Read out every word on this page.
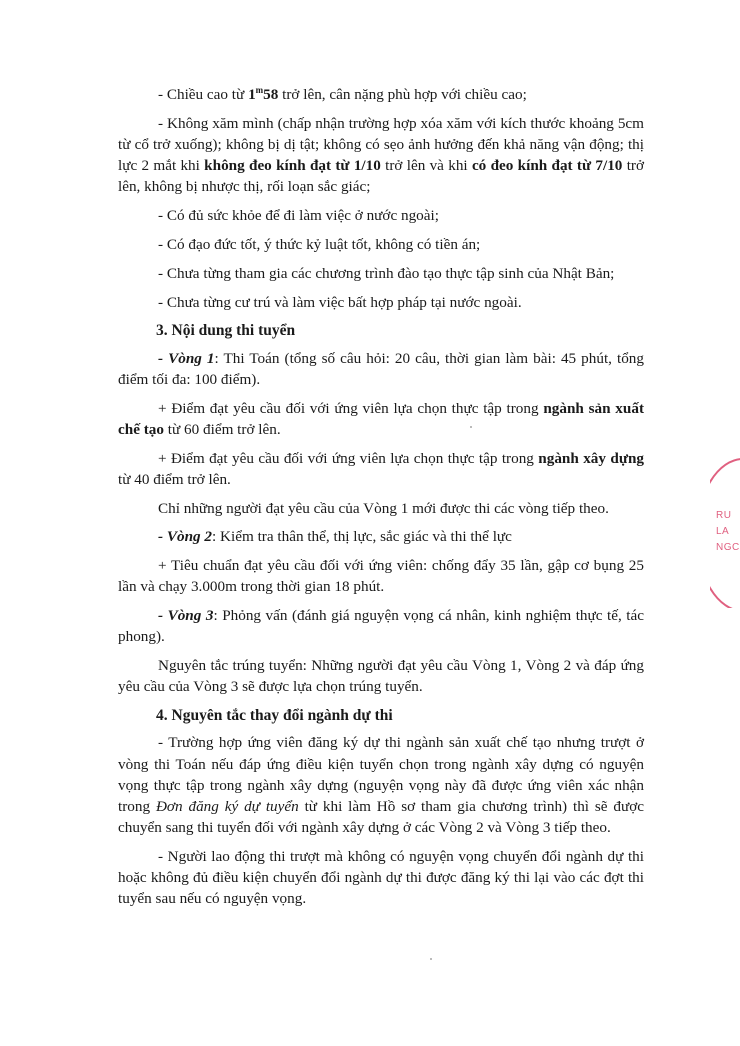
- Chiều cao từ 1$^m$58 trở lên, cân nặng phù hợp với chiều cao;

- Không xăm mình (chấp nhận trường hợp xóa xăm với kích thước khoảng 5cm từ cổ trở xuống); không bị dị tật; không có sẹo ảnh hưởng đến khả năng vận động; thị lực 2 mắt khi không đeo kính đạt từ 1/10 trở lên và khi có đeo kính đạt từ 7/10 trở lên, không bị nhược thị, rối loạn sắc giác;

- Có đủ sức khỏe để đi làm việc ở nước ngoài;

- Có đạo đức tốt, ý thức kỷ luật tốt, không có tiền án;

- Chưa từng tham gia các chương trình đào tạo thực tập sinh của Nhật Bản;

- Chưa từng cư trú và làm việc bất hợp pháp tại nước ngoài.

3. Nội dung thi tuyển

- Vòng 1: Thi Toán (tổng số câu hỏi: 20 câu, thời gian làm bài: 45 phút, tổng điểm tối đa: 100 điểm).

+ Điểm đạt yêu cầu đối với ứng viên lựa chọn thực tập trong ngành sản xuất chế tạo từ 60 điểm trở lên.

+ Điểm đạt yêu cầu đối với ứng viên lựa chọn thực tập trong ngành xây dựng từ 40 điểm trở lên.

Chỉ những người đạt yêu cầu của Vòng 1 mới được thi các vòng tiếp theo.

- Vòng 2: Kiểm tra thân thể, thị lực, sắc giác và thi thể lực

+ Tiêu chuẩn đạt yêu cầu đối với ứng viên: chống đẩy 35 lần, gập cơ bụng 25 lần và chạy 3.000m trong thời gian 18 phút.

- Vòng 3: Phỏng vấn (đánh giá nguyện vọng cá nhân, kinh nghiệm thực tế, tác phong).

Nguyên tắc trúng tuyển: Những người đạt yêu cầu Vòng 1, Vòng 2 và đáp ứng yêu cầu của Vòng 3 sẽ được lựa chọn trúng tuyển.

4. Nguyên tắc thay đổi ngành dự thi

- Trường hợp ứng viên đăng ký dự thi ngành sản xuất chế tạo nhưng trượt ở vòng thi Toán nếu đáp ứng điều kiện tuyển chọn trong ngành xây dựng có nguyện vọng thực tập trong ngành xây dựng (nguyện vọng này đã được ứng viên xác nhận trong Đơn đăng ký dự tuyển từ khi làm Hồ sơ tham gia chương trình) thì sẽ được chuyển sang thi tuyển đối với ngành xây dựng ở các Vòng 2 và Vòng 3 tiếp theo.

- Người lao động thi trượt mà không có nguyện vọng chuyển đổi ngành dự thi hoặc không đủ điều kiện chuyển đổi ngành dự thi được đăng ký thi lại vào các đợt thi tuyển sau nếu có nguyện vọng.

RU
LA
NGC
